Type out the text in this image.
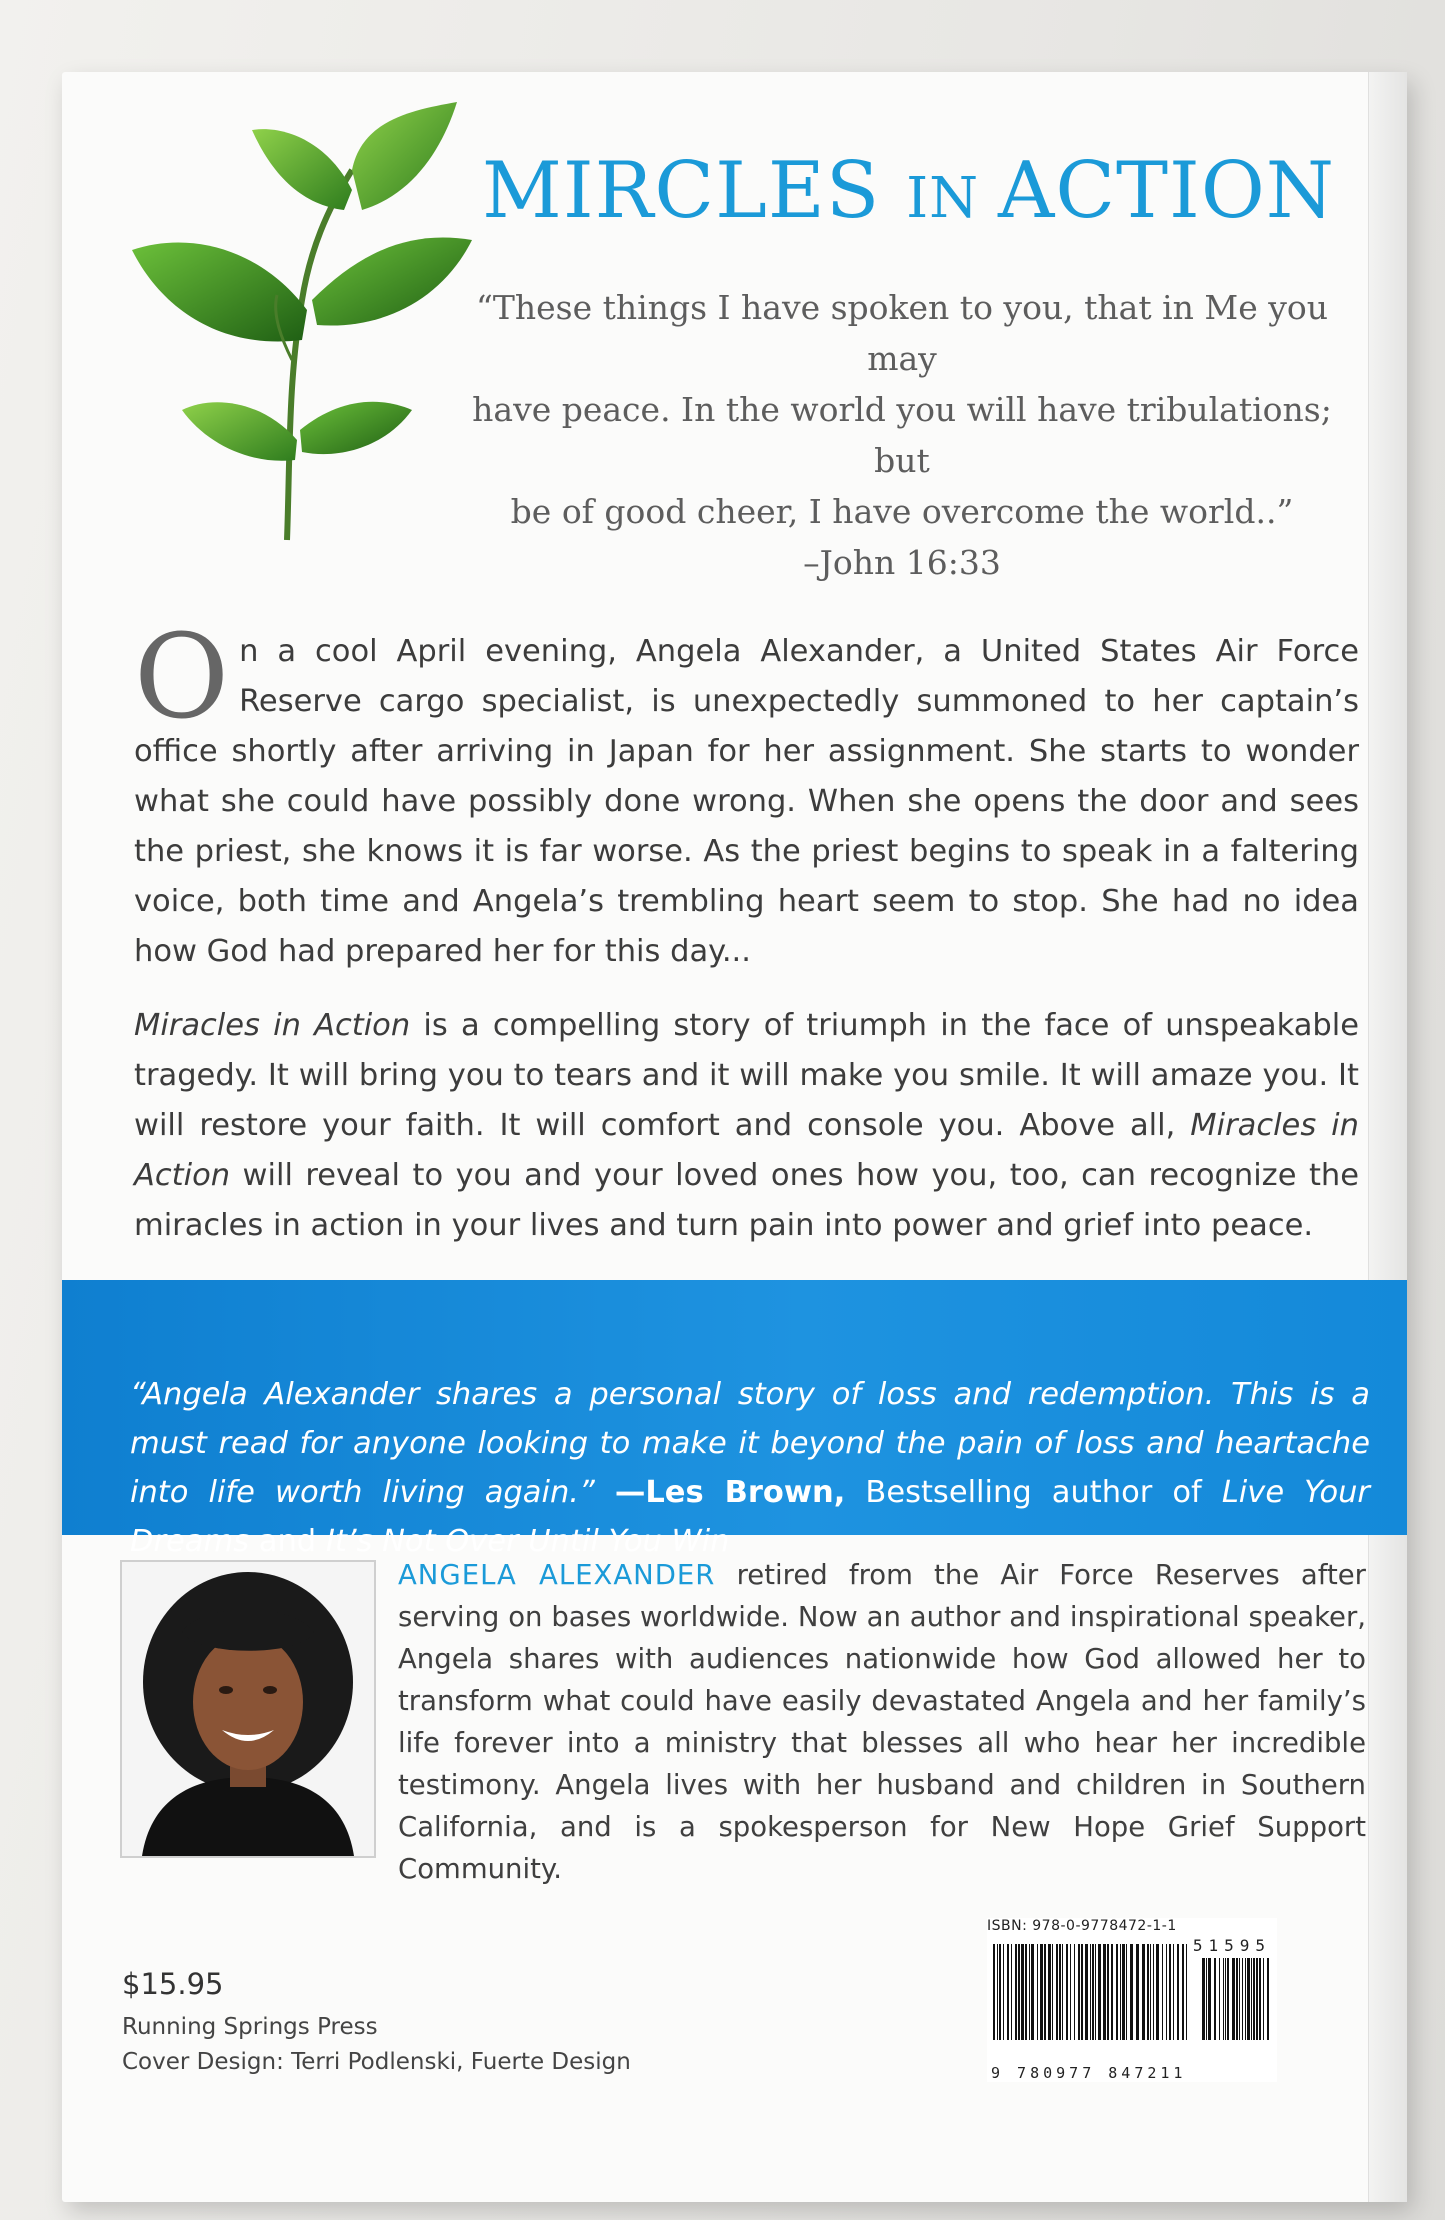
MIRCLES IN ACTION
“These things I have spoken to you, that in Me you may
have peace. In the world you will have tribulations; but
be of good cheer, I have overcome the world..”

–John 16:33

On a cool April evening, Angela Alexander, a United States Air Force Reserve cargo specialist, is unexpectedly summoned to her captain’s office shortly after arriving in Japan for her assignment. She starts to wonder what she could have possibly done wrong. When she opens the door and sees the priest, she knows it is far worse. As the priest begins to speak in a faltering voice, both time and Angela’s trembling heart seem to stop. She had no idea how God had prepared her for this day...

Miracles in Action is a compelling story of triumph in the face of unspeakable tragedy. It will bring you to tears and it will make you smile. It will amaze you. It will restore your faith. It will comfort and console you. Above all, Miracles in Action will reveal to you and your loved ones how you, too, can recognize the miracles in action in your lives and turn pain into power and grief into peace.

“Angela Alexander shares a personal story of loss and redemption. This is a must read for anyone looking to make it beyond the pain of loss and heartache into life worth living again.” —Les Brown, Bestselling author of Live Your Dreams and It’s Not Over Until You Win
ANGELA ALEXANDER retired from the Air Force Reserves after serving on bases worldwide. Now an author and inspirational speaker, Angela shares with audiences nationwide how God allowed her to transform what could have easily devastated Angela and her family’s life forever into a ministry that blesses all who hear her incredible testimony. Angela lives with her husband and children in Southern California, and is a spokesperson for New Hope Grief Support Community.
$15.95
Running Springs Press
Cover Design: Terri Podlenski, Fuerte Design
ISBN: 978-0-9778472-1-1
51595
9 780977 847211
